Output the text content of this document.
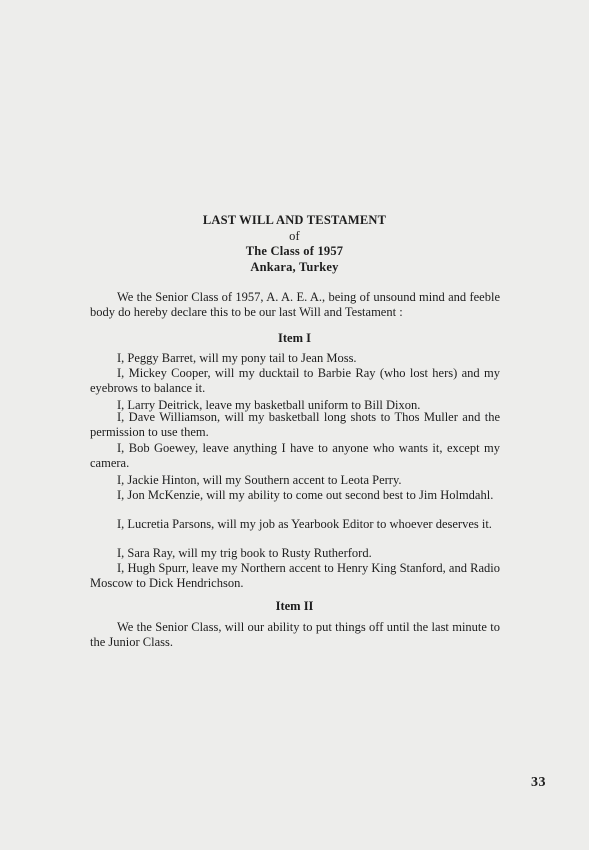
LAST WILL AND TESTAMENT
of
The Class of 1957
Ankara, Turkey
We the Senior Class of 1957, A. A. E. A., being of unsound mind and feeble body do hereby declare this to be our last Will and Testament :
Item I
I, Peggy Barret, will my pony tail to Jean Moss.
I, Mickey Cooper, will my ducktail to Barbie Ray (who lost hers) and my eyebrows to balance it.
I, Larry Deitrick, leave my basketball uniform to Bill Dixon.
I, Dave Williamson, will my basketball long shots to Thos Muller and the permission to use them.
I, Bob Goewey, leave anything I have to anyone who wants it, except my camera.
I, Jackie Hinton, will my Southern accent to Leota Perry.
I, Jon McKenzie, will my ability to come out second best to Jim Holmdahl.
I, Lucretia Parsons, will my job as Yearbook Editor to whoever deserves it.
I, Sara Ray, will my trig book to Rusty Rutherford.
I, Hugh Spurr, leave my Northern accent to Henry King Stanford, and Radio Moscow to Dick Hendrichson.
Item II
We the Senior Class, will our ability to put things off until the last minute to the Junior Class.
33
